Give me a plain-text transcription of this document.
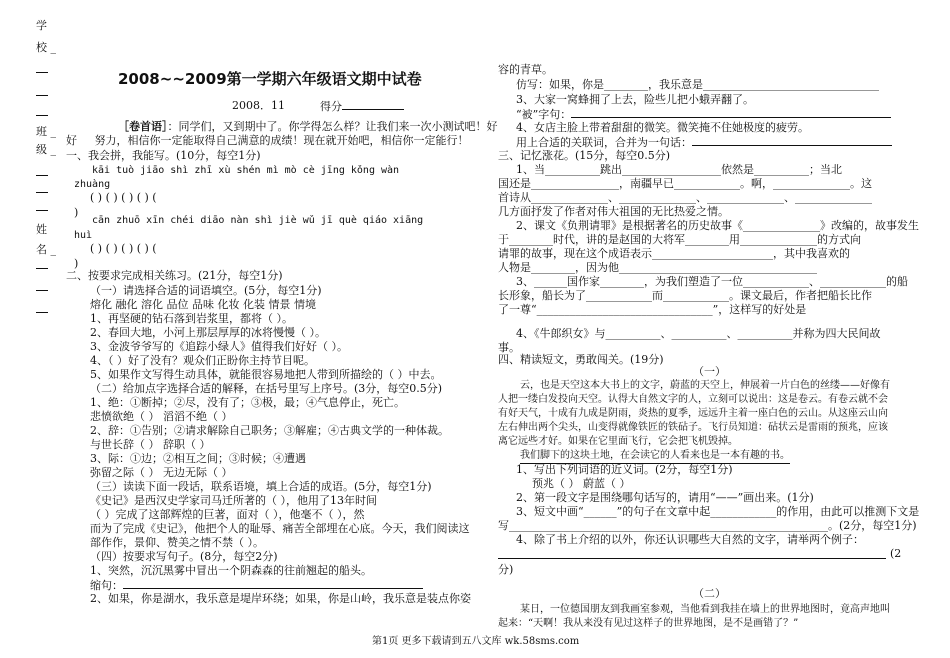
学
校 _
班 _
级 _
姓
名 _
2008~~2009第一学期六年级语文期中试卷
2008．11	得分
［卷首语］：同学们，又到期中了。你学得怎么样？让我们来一次小测试吧！好
好 努力，相信你一定能取得自己满意的成绩！现在就开始吧，相信你一定能行！
一、我会拼，我能写。(10分，每空1分)
kāi tuò jiāo shì zhī xù shén mì mò cè jīng kǒng wàn
zhuàng
( ) ( ) ( ) ( ) (
)
cān zhuō xīn chéi diāo nàn shì jiè wǔ jī què qiáo xiāng
huì
( ) ( ) ( ) ( ) (
)
二、按要求完成相关练习。(21分，每空1分)
（一）请选择合适的词语填空。(5分，每空1分)
熔化 融化 溶化 品位 品味 化妆 化装 情景 情境
1、再坚硬的钻石落到岩浆里，都将（ ）。
2、春回大地，小河上那层厚厚的冰将慢慢（ ）。
3、金波爷爷写的《追踪小绿人》值得我们好好（ ）。
4、（ ）好了没有？观众们正盼你主持节目呢。
5、如果作文写得生动具体，就能很容易地把人带到所描绘的（ ）中去。
（二）给加点字选择合适的解释，在括号里写上序号。(3分，每空0.5分)
1、绝：①断掉；②尽，没有了；③极，最；④气息停止，死亡。
悲愤欲绝（ ） 滔滔不绝（ ）
2、辞：①告别；②请求解除自己职务；③解雇；④古典文学的一种体裁。
与世长辞（ ） 辞职（ ）
3、际：①边；②相互之间；③时候；④遭遇
弥留之际（ ） 无边无际（ ）
（三）读读下面一段话，联系语境，填上合适的成语。(5分，每空1分)
《史记》是西汉史学家司马迁所著的（ ），他用了13年时间
（ ）完成了这部辉煌的巨著，面对（ ），他毫不（ ），然
而为了完成《史记》，他把个人的耻辱、痛苦全部埋在心底。今天，我们阅读这
部作作，景仰、赞美之情不禁（ ）。
（四）按要求写句子。(8分，每空2分)
1、突然，沉沉黑雾中冒出一个阴森森的往前翘起的船头。
缩句：
2、如果，你是湖水，我乐意是堤岸环绕；如果，你是山岭，我乐意是装点你姿
容的青草。
仿写：如果，你是________，我乐意是________________________________
3、大家一窝蜂拥了上去，险些儿把小蛾弄翻了。
“被”字句：
4、女店主脸上带着甜甜的微笑。微笑掩不住她极度的疲劳。
用上合适的关联词，合并为一句话：
三、记忆涨花。(15分，每空0.5分)
1、当__________跳出__________________依然是__________；当北
国还是________________，南疆早已____________。啊，______________。这
首诗从______________、______________、______________、______________
几方面抒发了作者对伟大祖国的无比热爱之情。
2、课文《负荆请罪》是根据著名的历史故事《______________》改编的，故事发生
于________时代，讲的是赵国的大将军________用______________的方式向
请罪的故事，现在这个成语表示______________________，其中我喜欢的
人物是________，因为他____________________________________
3、______国作家________，为我们塑造了一位____________、____________的船
长形象，船长为了____________而____________。课文最后，作者把船长比作
了一尊“________________________________”，这样写的好处是
4、《牛郎织女》与__________、__________、__________并称为四大民间故
事。
四、精读短文，勇敢闯关。(19分)
（一）
云，也是天空这本大书上的文字，蔚蓝的天空上，伸展着一片白色的丝缕——好像有
人把一缕白发投向天空。认得大自然文字的人，立刻可以说出：这是卷云。有卷云就不会
有好天气，十成有九成是阴雨，炎热的夏季，远远升主着一座白色的云山。从这座云山向
左右伸出两个尖头，山变得就像铁匠的铁砧子。飞行员知道：砧状云是雷雨的预兆，应该
离它远些才好。如果在它里面飞行，它会把飞机毁掉。
我们脚下的这块土地，在会读它的人看来也是一本有趣的书。
1、写出下列词语的近义词。(2分，每空1分)
预兆（ ） 蔚蓝（ ）
2、第一段文字是围绕哪句话写的，请用“——”画出来。(1分)
3、短文中画“______”的句子在文章中起____________的作用，由此可以推测下文是
写__________________________________________________________。(2分，每空1分)
4、除了书上介绍的以外，你还认识哪些大自然的文字，请举两个例子：
(2
分)
（二）
某日，一位德国朋友到我画室参观，当他看到我挂在墙上的世界地图时，竟高声地叫
起来：“天啊！我从来没有见过这样子的世界地图，是不是画错了？”
第1页 更多下载请到五八文库 wk.58sms.com
